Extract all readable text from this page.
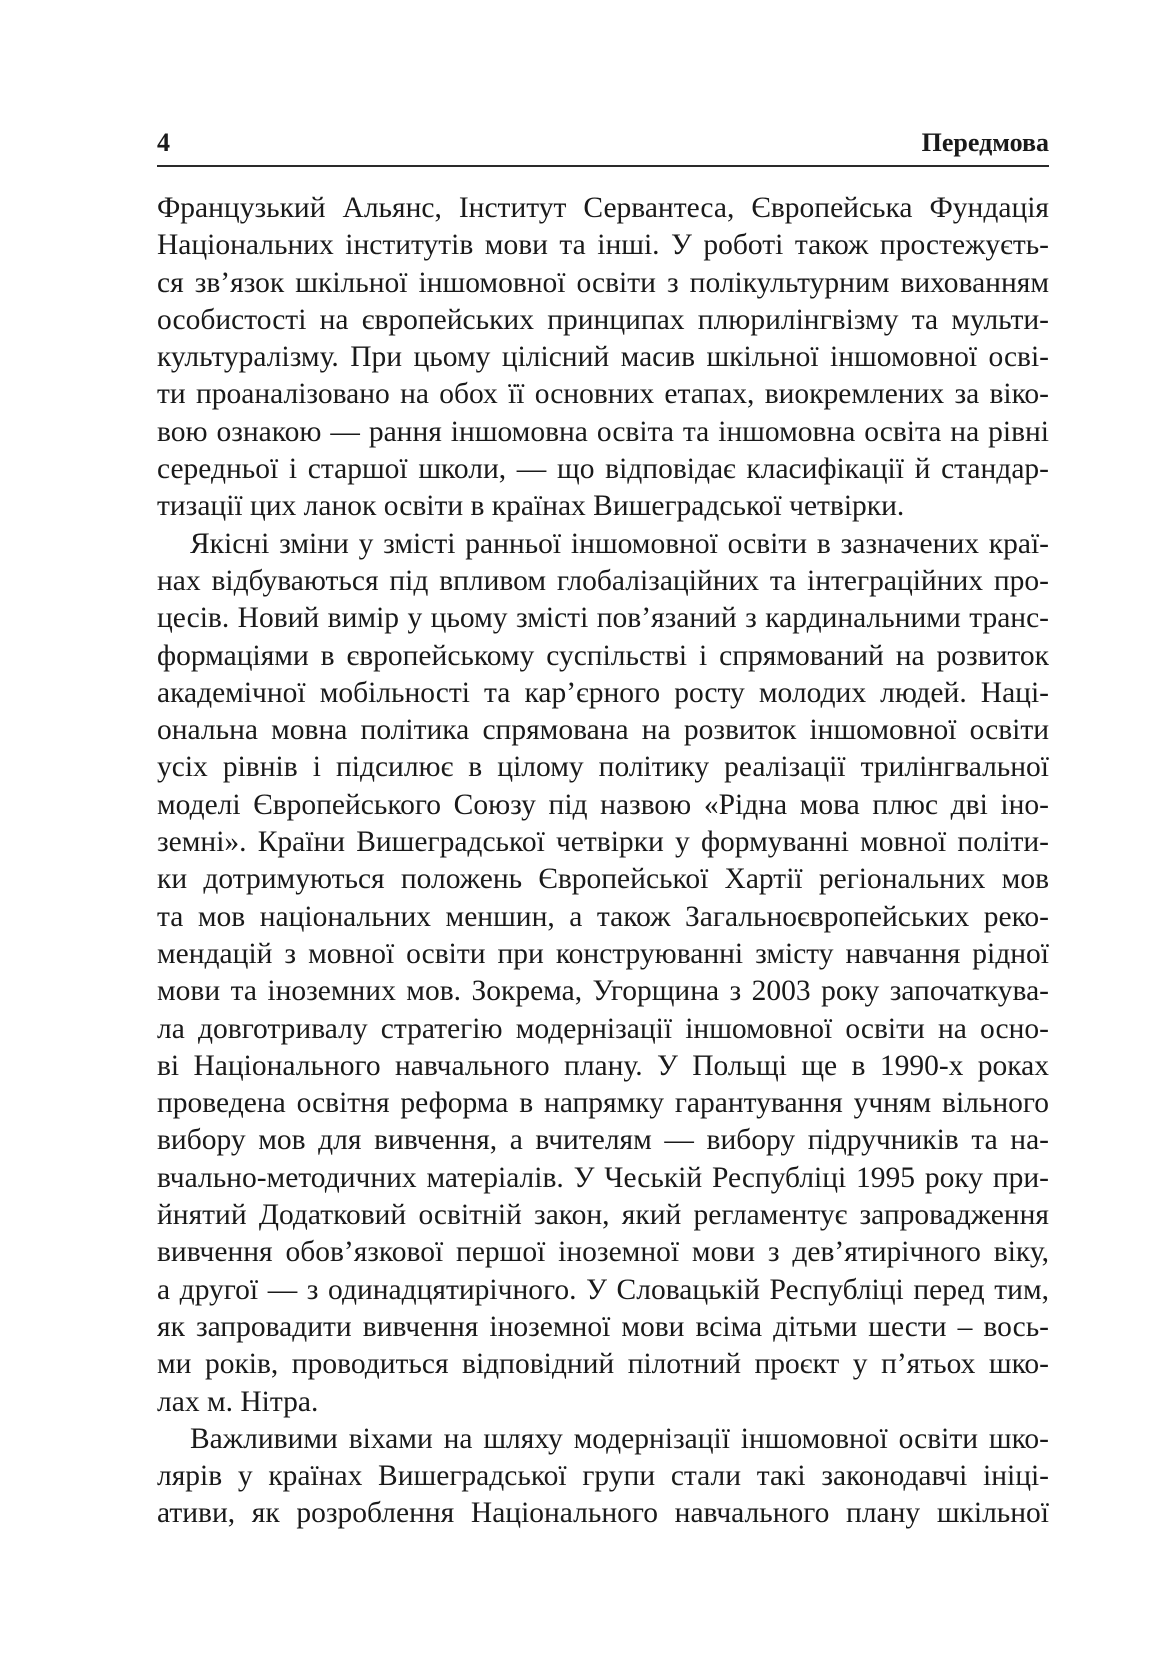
4	Передмова
Французький Альянс, Інститут Сервантеса, Європейська Фундація
Національних інститутів мови та інші. У роботі також простежуєть-
ся зв’язок шкільної іншомовної освіти з полікультурним вихованням
особистості на європейських принципах плюрилінгвізму та мульти-
культуралізму. При цьому цілісний масив шкільної іншомовної осві-
ти проаналізовано на обох її основних етапах, виокремлених за віко-
вою ознакою — рання іншомовна освіта та іншомовна освіта на рівні
середньої і старшої школи, — що відповідає класифікації й стандар-
тизації цих ланок освіти в країнах Вишеградської четвірки.
Якісні зміни у змісті ранньої іншомовної освіти в зазначених краї-
нах відбуваються під впливом глобалізаційних та інтеграційних про-
цесів. Новий вимір у цьому змісті пов’язаний з кардинальними транс-
формаціями в європейському суспільстві і спрямований на розвиток
академічної мобільності та кар’єрного росту молодих людей. Наці-
ональна мовна політика спрямована на розвиток іншомовної освіти
усіх рівнів і підсилює в цілому політику реалізації трилінгвальної
моделі Європейського Союзу під назвою «Рідна мова плюс дві іно-
земні». Країни Вишеградської четвірки у формуванні мовної політи-
ки дотримуються положень Європейської Хартії регіональних мов
та мов національних меншин, а також Загальноєвропейських реко-
мендацій з мовної освіти при конструюванні змісту навчання рідної
мови та іноземних мов. Зокрема, Угорщина з 2003 року започаткува-
ла довготривалу стратегію модернізації іншомовної освіти на осно-
ві Національного навчального плану. У Польщі ще в 1990-х роках
проведена освітня реформа в напрямку гарантування учням вільного
вибору мов для вивчення, а вчителям — вибору підручників та на-
вчально-методичних матеріалів. У Чеській Республіці 1995 року при-
йнятий Додатковий освітній закон, який регламентує запровадження
вивчення обов’язкової першої іноземної мови з дев’ятирічного віку,
а другої — з одинадцятирічного. У Словацькій Республіці перед тим,
як запровадити вивчення іноземної мови всіма дітьми шести – вось-
ми років, проводиться відповідний пілотний проєкт у п’ятьох шко-
лах м. Нітра.
Важливими віхами на шляху модернізації іншомовної освіти шко-
лярів у країнах Вишеградської групи стали такі законодавчі ініці-
ативи, як розроблення Національного навчального плану шкільної
